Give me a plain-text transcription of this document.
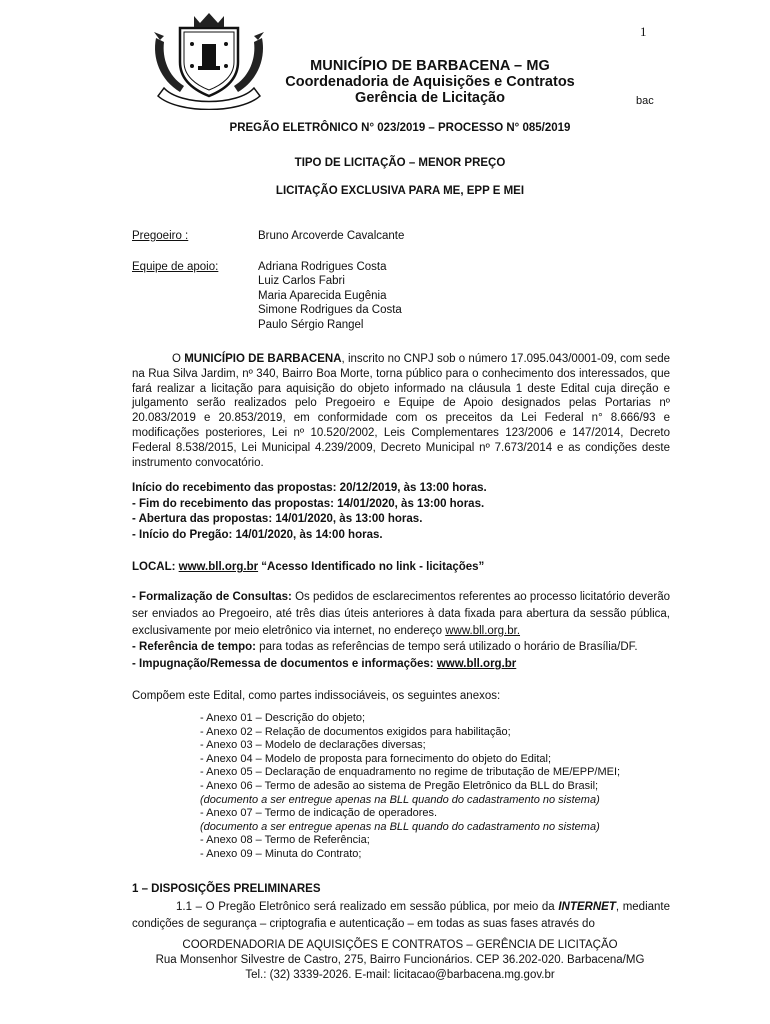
1
MUNICÍPIO DE BARBACENA – MG
Coordenadoria de Aquisições e Contratos
Gerência de Licitação	bac
PREGÃO ELETRÔNICO N° 023/2019 – PROCESSO N° 085/2019
TIPO DE LICITAÇÃO – MENOR PREÇO
LICITAÇÃO EXCLUSIVA PARA ME, EPP E MEI
Pregoeiro :	Bruno Arcoverde Cavalcante
Equipe de apoio:	Adriana Rodrigues Costa
Luiz Carlos Fabri
Maria Aparecida Eugênia
Simone Rodrigues da Costa
Paulo Sérgio Rangel
O MUNICÍPIO DE BARBACENA, inscrito no CNPJ sob o número 17.095.043/0001-09, com sede na Rua Silva Jardim, nº 340, Bairro Boa Morte, torna público para o conhecimento dos interessados, que fará realizar a licitação para aquisição do objeto informado na cláusula 1 deste Edital cuja direção e julgamento serão realizados pelo Pregoeiro e Equipe de Apoio designados pelas Portarias nº 20.083/2019 e 20.853/2019, em conformidade com os preceitos da Lei Federal n° 8.666/93 e modificações posteriores, Lei nº 10.520/2002, Leis Complementares 123/2006 e 147/2014, Decreto Federal 8.538/2015, Lei Municipal 4.239/2009, Decreto Municipal nº 7.673/2014 e as condições deste instrumento convocatório.
Início do recebimento das propostas: 20/12/2019, às 13:00 horas.
- Fim do recebimento das propostas: 14/01/2020, às 13:00 horas.
- Abertura das propostas: 14/01/2020, às 13:00 horas.
- Início do Pregão: 14/01/2020, às 14:00 horas.
LOCAL: www.bll.org.br “Acesso Identificado no link - licitações”
- Formalização de Consultas: Os pedidos de esclarecimentos referentes ao processo licitatório deverão ser enviados ao Pregoeiro, até três dias úteis anteriores à data fixada para abertura da sessão pública, exclusivamente por meio eletrônico via internet, no endereço www.bll.org.br.
- Referência de tempo: para todas as referências de tempo será utilizado o horário de Brasília/DF.
- Impugnação/Remessa de documentos e informações: www.bll.org.br
Compõem este Edital, como partes indissociáveis, os seguintes anexos:
- Anexo 01 – Descrição do objeto;
- Anexo 02 – Relação de documentos exigidos para habilitação;
- Anexo 03 – Modelo de declarações diversas;
- Anexo 04 – Modelo de proposta para fornecimento do objeto do Edital;
- Anexo 05 – Declaração de enquadramento no regime de tributação de ME/EPP/MEI;
- Anexo 06 – Termo de adesão ao sistema de Pregão Eletrônico da BLL do Brasil;
(documento a ser entregue apenas na BLL quando do cadastramento no sistema)
- Anexo 07 – Termo de indicação de operadores.
(documento a ser entregue apenas na BLL quando do cadastramento no sistema)
- Anexo 08 – Termo de Referência;
- Anexo 09 – Minuta do Contrato;
1 – DISPOSIÇÕES PRELIMINARES
1.1 – O Pregão Eletrônico será realizado em sessão pública, por meio da INTERNET, mediante condições de segurança – criptografia e autenticação – em todas as suas fases através do
COORDENADORIA DE AQUISIÇÕES E CONTRATOS – GERÊNCIA DE LICITAÇÃO
Rua Monsenhor Silvestre de Castro, 275, Bairro Funcionários. CEP 36.202-020. Barbacena/MG
Tel.: (32) 3339-2026. E-mail: licitacao@barbacena.mg.gov.br
